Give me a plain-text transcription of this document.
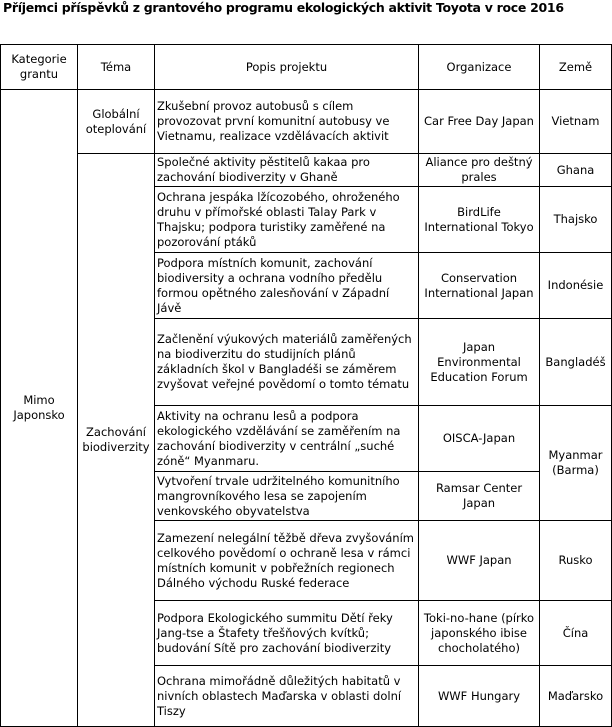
Příjemci příspěvků z grantového programu ekologických aktivit Toyota v roce 2016
Kategorie grantu	Téma	Popis projektu	Organizace	Země
Mimo Japonsko	Globální oteplování	Zkušební provoz autobusů s cílem provozovat první komunitní autobusy ve Vietnamu, realizace vzdělávacích aktivit	Car Free Day Japan	Vietnam
	Zachování biodiverzity	Společné aktivity pěstitelů kakaa pro zachování biodiverzity v Ghaně	Aliance pro deštný prales	Ghana
		Ochrana jespáka lžícozobého, ohroženého druhu v přímořské oblasti Talay Park v Thajsku; podpora turistiky zaměřené na pozorování ptáků	BirdLife International Tokyo	Thajsko
		Podpora místních komunit, zachování biodiversity a ochrana vodního předělu formou opětného zalesňování v Západní Jávě	Conservation International Japan	Indonésie
		Začlenění výukových materiálů zaměřených na biodiverzitu do studijních plánů základních škol v Bangladéši se záměrem zvyšovat veřejné povědomí o tomto tématu	Japan Environmental Education Forum	Bangladéš
		Aktivity na ochranu lesů a podpora ekologického vzdělávání se zaměřením na zachování biodiverzity v centrální „suché zóně“ Myanmaru.	OISCA-Japan	Myanmar (Barma)
		Vytvoření trvale udržitelného komunitního mangrovníkového lesa se zapojením venkovského obyvatelstva	Ramsar Center Japan	
		Zamezení nelegální těžbě dřeva zvyšováním celkového povědomí o ochraně lesa v rámci místních komunit v pobřežních regionech Dálného východu Ruské federace	WWF Japan	Rusko
		Podpora Ekologického summitu Dětí řeky Jang-tse a Štafety třešňových kvítků; budování Sítě pro zachování biodiverzity	Toki-no-hane (pírko japonského ibise chocholatého)	Čína
		Ochrana mimořádně důležitých habitatů v nivních oblastech Maďarska v oblasti dolní Tiszy	WWF Hungary	Maďarsko
